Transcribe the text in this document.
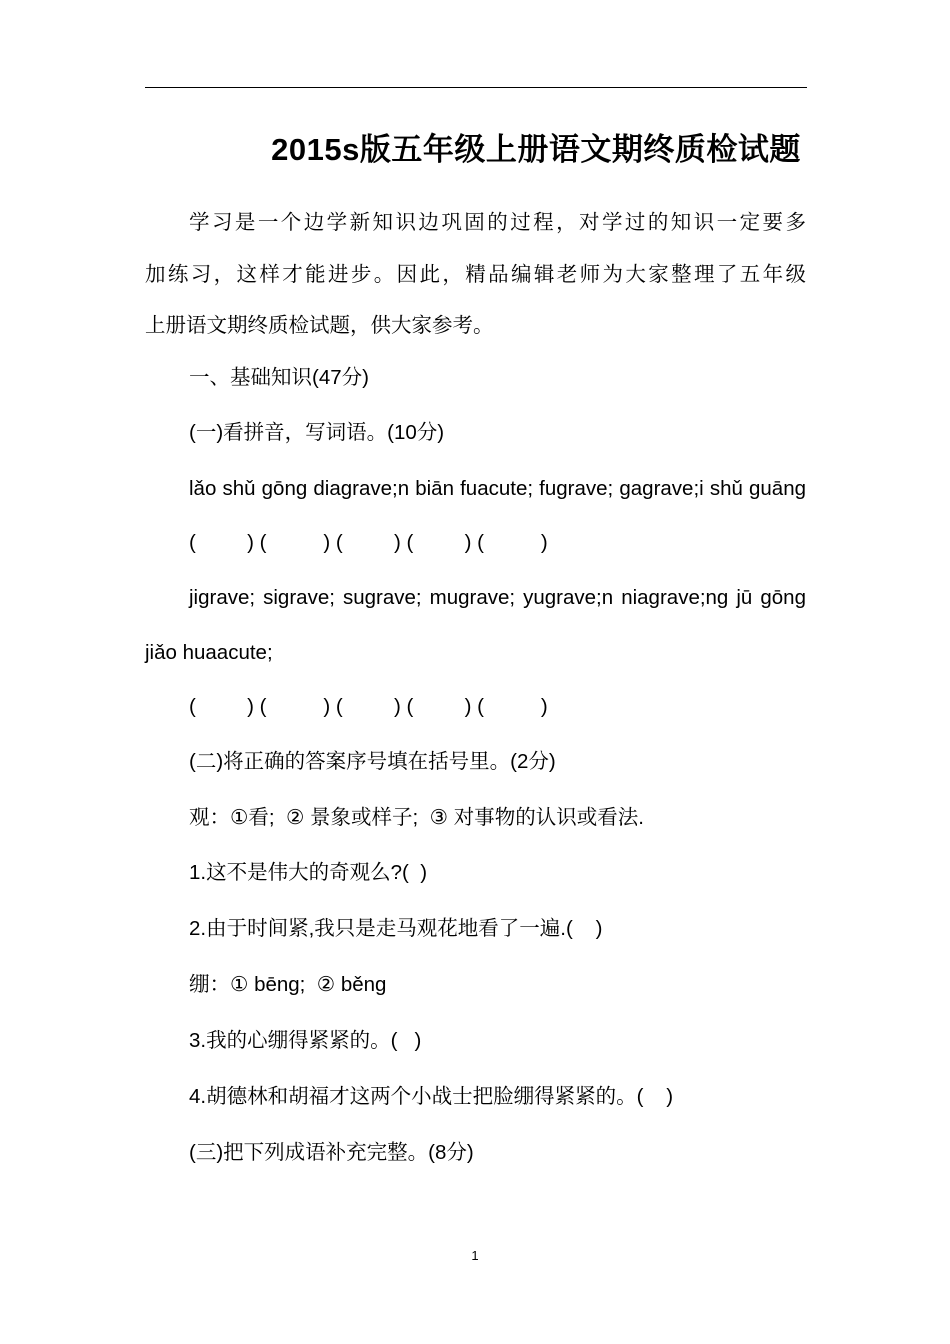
2015s版五年级上册语文期终质检试题
学习是一个边学新知识边巩固的过程，对学过的知识一定要多
加练习，这样才能进步。因此，精品编辑老师为大家整理了五年级
上册语文期终质检试题，供大家参考。
一、基础知识(47分)
(一)看拼音，写词语。(10分)
lǎo shǔ gōng diagrave;n biān fuacute; fugrave; gagrave;i shǔ guāng
(         ) (          ) (         ) (         ) (          )
jigrave; sigrave; sugrave; mugrave; yugrave;n niagrave;ng jū gōng
jiǎo huaacute;
(         ) (          ) (         ) (         ) (          )
(二)将正确的答案序号填在括号里。(2分)
观：①看;  ② 景象或样子;  ③ 对事物的认识或看法.
1.这不是伟大的奇观么?(  )
2.由于时间紧,我只是走马观花地看了一遍.(    )
绷：① bēng;  ② běng
3.我的心绷得紧紧的。(   )
4.胡德林和胡福才这两个小战士把脸绷得紧紧的。(    )
(三)把下列成语补充完整。(8分)
1
